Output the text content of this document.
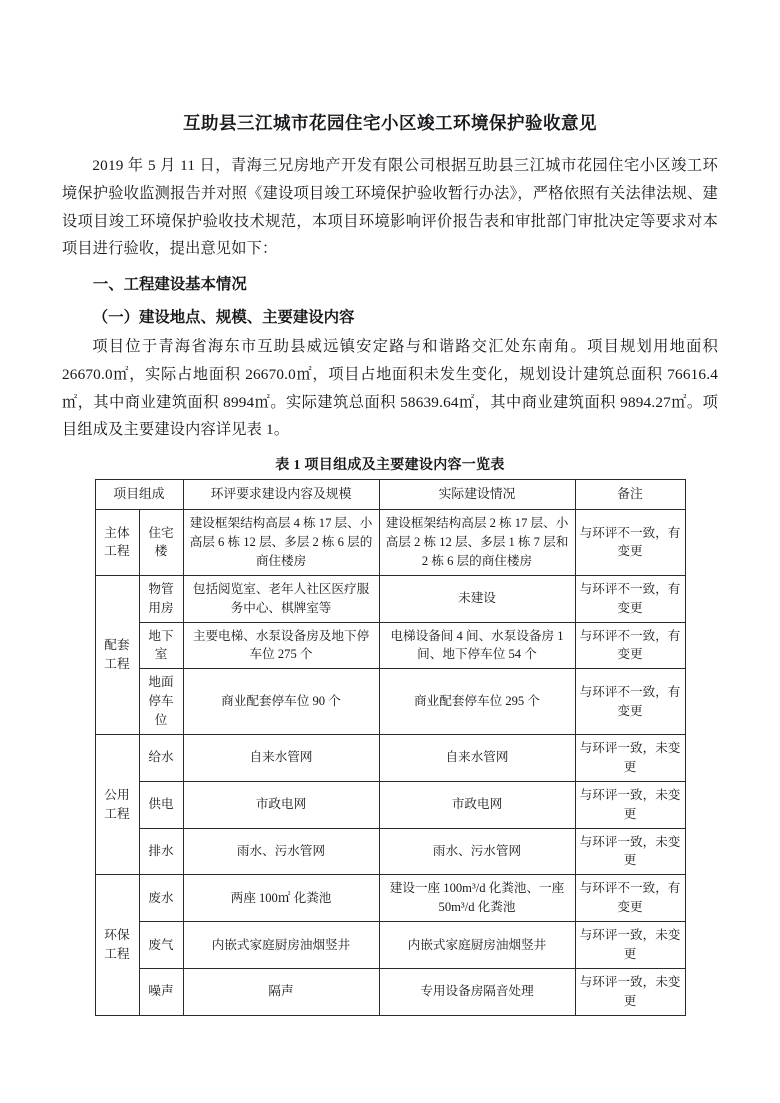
互助县三江城市花园住宅小区竣工环境保护验收意见

2019 年 5 月 11 日，青海三兄房地产开发有限公司根据互助县三江城市花园住宅小区竣工环境保护验收监测报告并对照《建设项目竣工环境保护验收暂行办法》，严格依照有关法律法规、建设项目竣工环境保护验收技术规范，本项目环境影响评价报告表和审批部门审批决定等要求对本项目进行验收，提出意见如下：

一、工程建设基本情况
（一）建设地点、规模、主要建设内容

项目位于青海省海东市互助县威远镇安定路与和谐路交汇处东南角。项目规划用地面积 26670.0㎡，实际占地面积 26670.0㎡，项目占地面积未发生变化，规划设计建筑总面积 76616.4㎡，其中商业建筑面积 8994㎡。实际建筑总面积 58639.64㎡，其中商业建筑面积 9894.27㎡。项目组成及主要建设内容详见表 1。

表 1 项目组成及主要建设内容一览表
项目组成		环评要求建设内容及规模	实际建设情况	备注
主体工程	住宅楼	建设框架结构高层 4 栋 17 层、小高层 6 栋 12 层、多层 2 栋 6 层的商住楼房	建设框架结构高层 2 栋 17 层、小高层 2 栋 12 层、多层 1 栋 7 层和 2 栋 6 层的商住楼房	与环评不一致，有变更
配套工程	物管用房	包括阅览室、老年人社区医疗服务中心、棋牌室等	未建设	与环评不一致，有变更
	地下室	主要电梯、水泵设备房及地下停车位 275 个	电梯设备间 4 间、水泵设备房 1 间、地下停车位 54 个	与环评不一致，有变更
	地面停车位	商业配套停车位 90 个	商业配套停车位 295 个	与环评不一致，有变更
公用工程	给水	自来水管网	自来水管网	与环评一致，未变更
	供电	市政电网	市政电网	与环评一致，未变更
	排水	雨水、污水管网	雨水、污水管网	与环评一致，未变更
环保工程	废水	两座 100㎡ 化粪池	建设一座 100m³/d 化粪池、一座 50m³/d 化粪池	与环评不一致，有变更
	废气	内嵌式家庭厨房油烟竖井	内嵌式家庭厨房油烟竖井	与环评一致，未变更
	噪声	隔声	专用设备房隔音处理	与环评一致，未变更
